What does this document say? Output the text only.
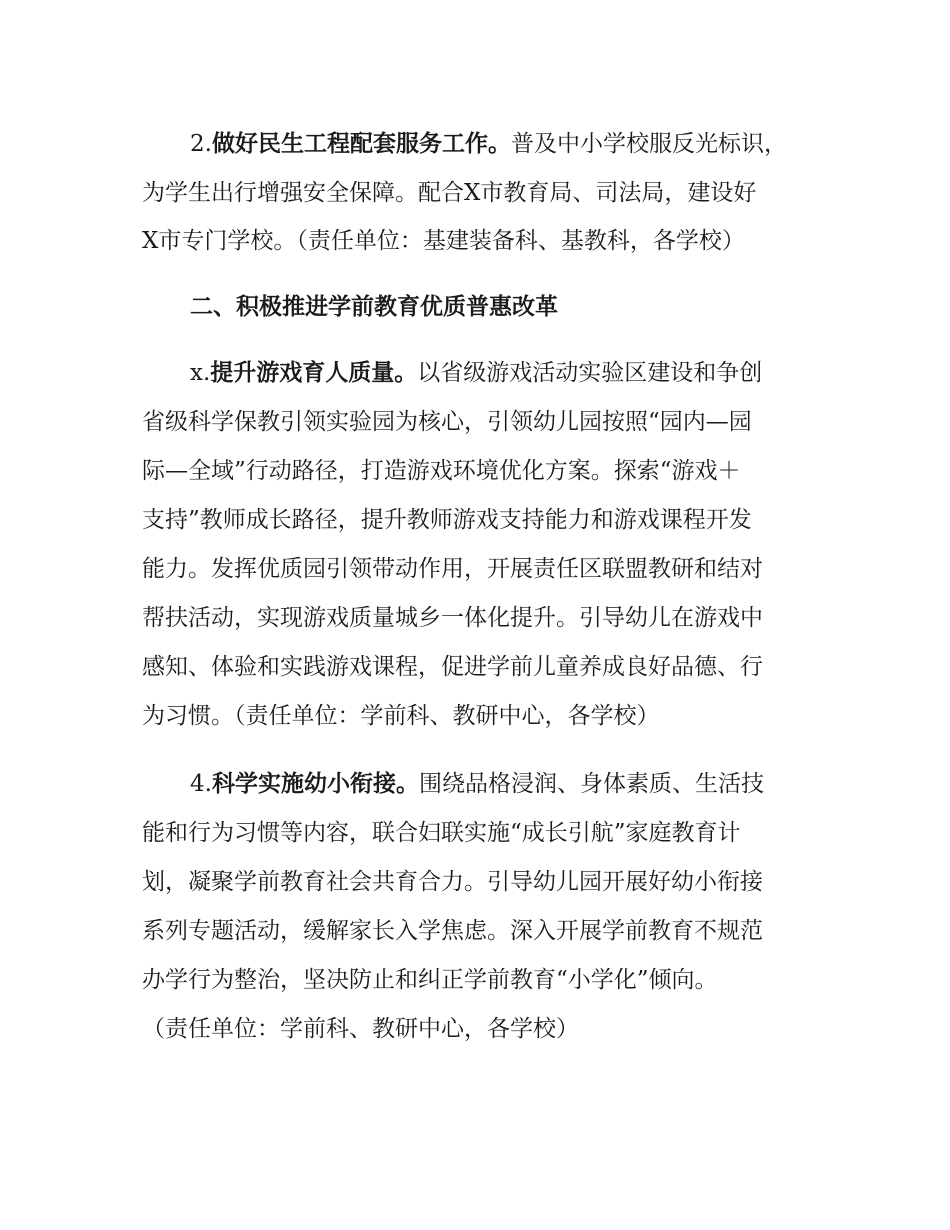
2.做好民生工程配套服务工作。普及中小学校服反光标识，
为学生出行增强安全保障。配合X市教育局、司法局，建设好
X市专门学校。（责任单位：基建装备科、基教科，各学校）
二、积极推进学前教育优质普惠改革
x.提升游戏育人质量。以省级游戏活动实验区建设和争创
省级科学保教引领实验园为核心，引领幼儿园按照“园内—园
际—全域”行动路径，打造游戏环境优化方案。探索“游戏＋
支持”教师成长路径，提升教师游戏支持能力和游戏课程开发
能力。发挥优质园引领带动作用，开展责任区联盟教研和结对
帮扶活动，实现游戏质量城乡一体化提升。引导幼儿在游戏中
感知、体验和实践游戏课程，促进学前儿童养成良好品德、行
为习惯。（责任单位：学前科、教研中心，各学校）
4.科学实施幼小衔接。围绕品格浸润、身体素质、生活技
能和行为习惯等内容，联合妇联实施“成长引航”家庭教育计
划，凝聚学前教育社会共育合力。引导幼儿园开展好幼小衔接
系列专题活动，缓解家长入学焦虑。深入开展学前教育不规范
办学行为整治，坚决防止和纠正学前教育“小学化”倾向。
（责任单位：学前科、教研中心，各学校）
